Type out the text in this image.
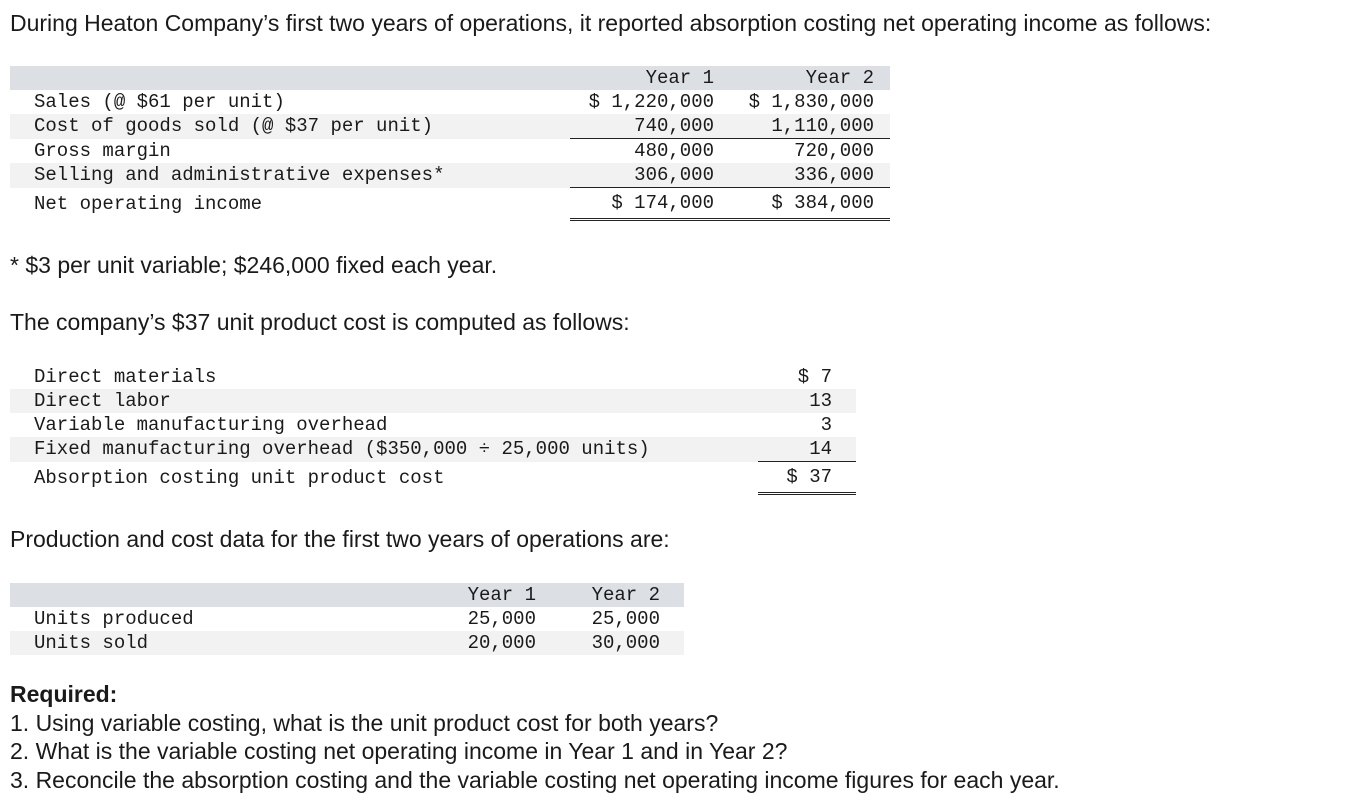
During Heaton Company’s first two years of operations, it reported absorption costing net operating income as follows:
	Year 1	Year 2
Sales (@ $61 per unit)	$ 1,220,000	$ 1,830,000
Cost of goods sold (@ $37 per unit)	740,000	1,110,000
Gross margin	480,000	720,000
Selling and administrative expenses*	306,000	336,000
Net operating income	$ 174,000	$ 384,000
* $3 per unit variable; $246,000 fixed each year.
The company’s $37 unit product cost is computed as follows:
Direct materials	$ 7
Direct labor	13
Variable manufacturing overhead	3
Fixed manufacturing overhead ($350,000 ÷ 25,000 units)	14
Absorption costing unit product cost	$ 37
Production and cost data for the first two years of operations are:
	Year 1	Year 2
Units produced	25,000	25,000
Units sold	20,000	30,000
Required:
1. Using variable costing, what is the unit product cost for both years?
2. What is the variable costing net operating income in Year 1 and in Year 2?
3. Reconcile the absorption costing and the variable costing net operating income figures for each year.
